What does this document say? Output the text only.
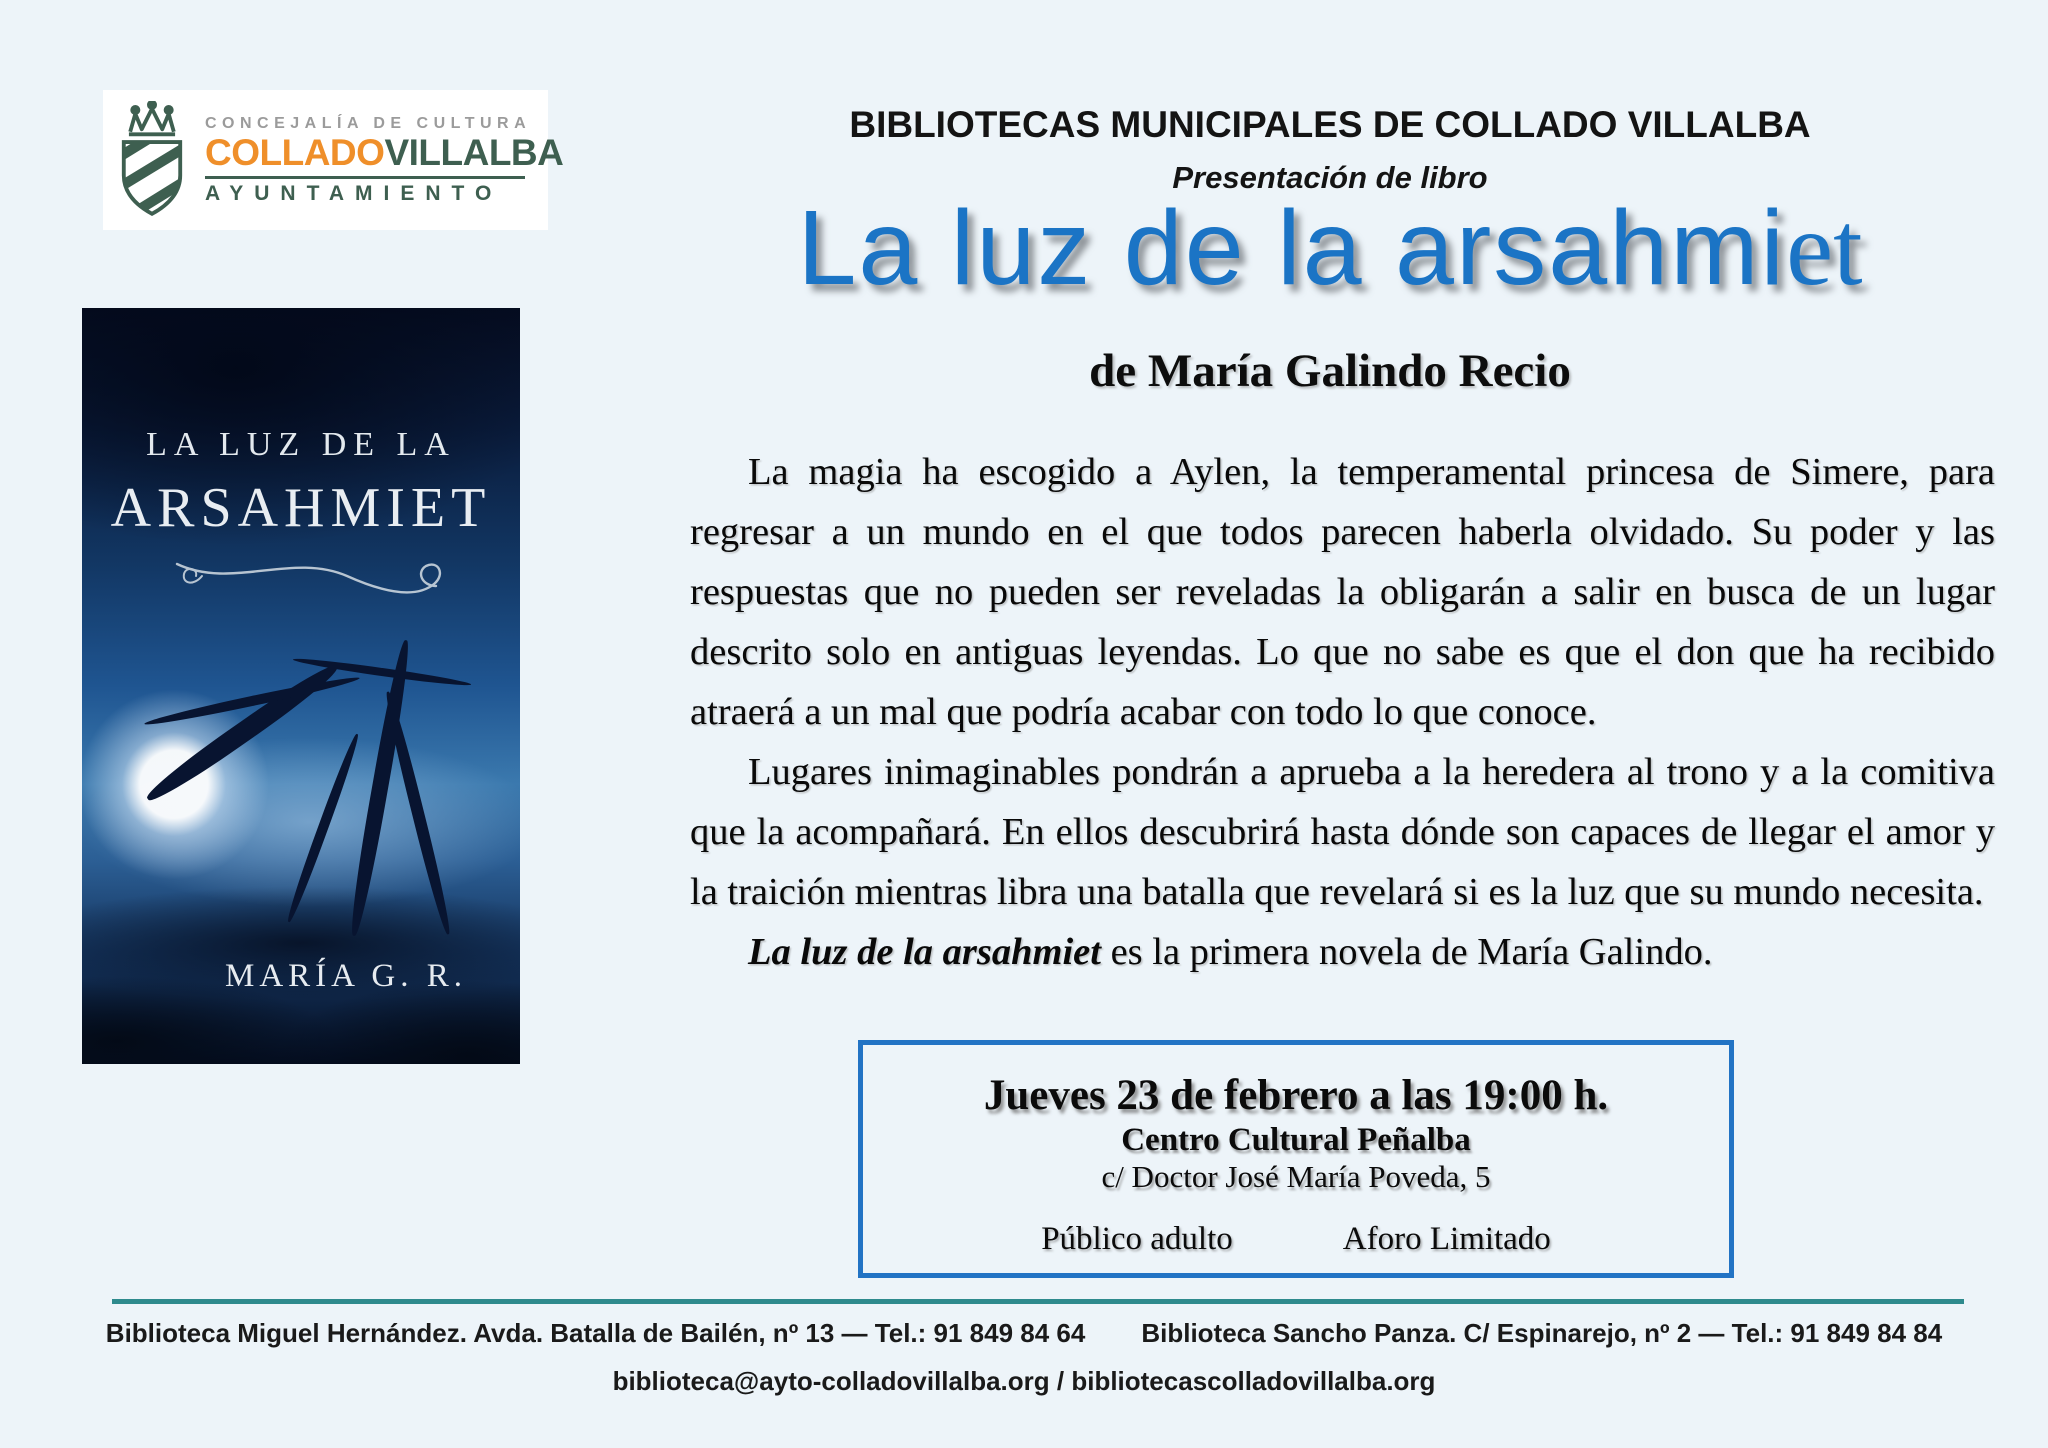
CONCEJALÍA DE CULTURA
COLLADOVILLALBA
AYUNTAMIENTO
BIBLIOTECAS MUNICIPALES DE COLLADO VILLALBA
Presentación de libro
La luz de la arsahmiet
de María Galindo Recio
LA LUZ DE LA
ARSAHMIET
MARÍA G. R.

La magia ha escogido a Aylen, la temperamental princesa de Simere, para regresar a un mundo en el que todos parecen haberla olvidado. Su poder y las respuestas que no pueden ser reveladas la obligarán a salir en busca de un lugar descrito solo en antiguas leyendas. Lo que no sabe es que el don que ha recibido atraerá a un mal que podría acabar con todo lo que conoce.

Lugares inimaginables pondrán a aprueba a la heredera al trono y a la comitiva que la acompañará. En ellos descubrirá hasta dónde son capaces de llegar el amor y la traición mientras libra una batalla que revelará si es la luz que su mundo necesita.

La luz de la arsahmiet es la primera novela de María Galindo.

Jueves 23 de febrero a las 19:00 h.
Centro Cultural Peñalba
c/ Doctor José María Poveda, 5
Público adulto	Aforo Limitado
Biblioteca Miguel Hernández. Avda. Batalla de Bailén, nº 13 — Tel.: 91 849 84 64 Biblioteca Sancho Panza. C/ Espinarejo, nº 2 — Tel.: 91 849 84 84
biblioteca@ayto-colladovillalba.org / bibliotecascolladovillalba.org
